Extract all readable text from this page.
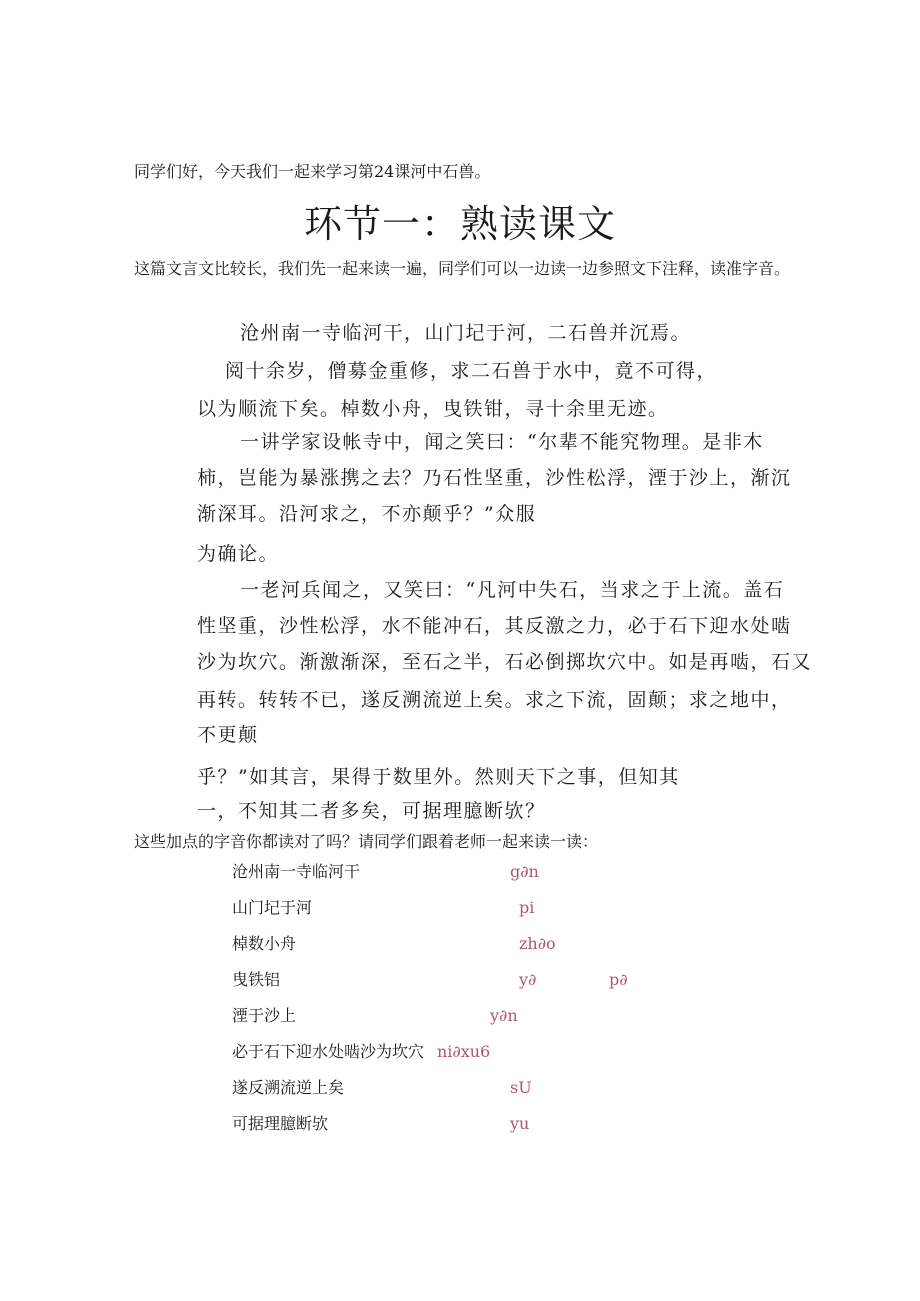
同学们好，今天我们一起来学习第24课河中石兽。
环节一：熟读课文
这篇文言文比较长，我们先一起来读一遍，同学们可以一边读一边参照文下注释，读准字音。
沧州南一寺临河干，山门圮于河，二石兽并沉焉。
阅十余岁，僧募金重修，求二石兽于水中，竟不可得，
以为顺流下矣。棹数小舟，曳铁钳，寻十余里无迹。
一讲学家设帐寺中，闻之笑曰：“尔辈不能究物理。是非木
柿，岂能为暴涨携之去？乃石性坚重，沙性松浮，湮于沙上，渐沉
渐深耳。沿河求之，不亦颠乎？”众服
为确论。
一老河兵闻之，又笑曰：“凡河中失石，当求之于上流。盖石
性坚重，沙性松浮，水不能冲石，其反激之力，必于石下迎水处啮
沙为坎穴。渐激渐深，至石之半，石必倒掷坎穴中。如是再啮，石又
再转。转转不已，遂反溯流逆上矣。求之下流，固颠；求之地中，
不更颠
乎？”如其言，果得于数里外。然则天下之事，但知其
一，不知其二者多矣，可据理臆断欤？
这些加点的字音你都读对了吗？请同学们跟着老师一起来读一读：
沧州南一寺临河干	g∂n
山门圮于河	pi
棹数小舟	zh∂o
曳铁铝	y∂	p∂
湮于沙上	y∂n
必于石下迎水处啮沙为坎穴 ni∂xu6
遂反溯流逆上矣	sU
可据理臆断欤	yu
